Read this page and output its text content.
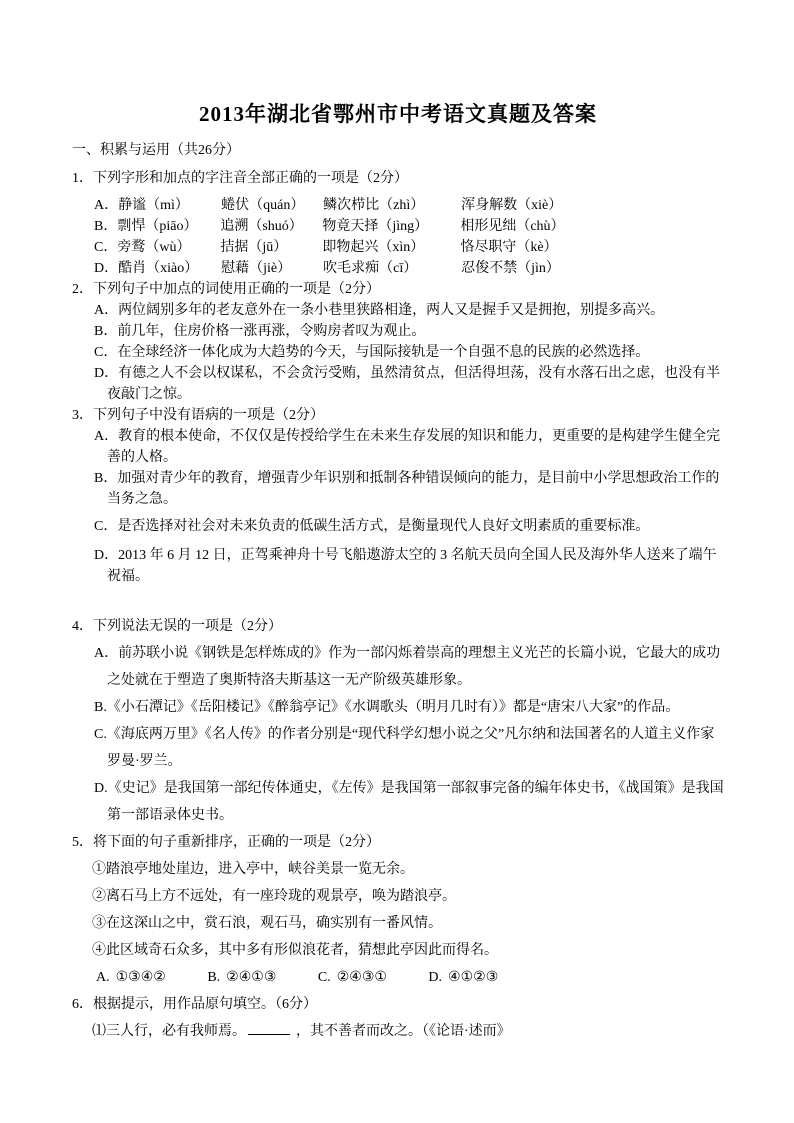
2013年湖北省鄂州市中考语文真题及答案

一、积累与运用（共26分）

1．下列字形和加点的字注音全部正确的一项是（2分）

A．静谧（mì） 蜷伏（quán） 鳞次栉比（zhì）	浑身解数（xiè）

B．剽悍（piāo） 追溯（shuó） 物竟天择（jìng） 相形见绌（chù）

C．旁鹜（wù） 拮据（jū）	即物起兴（xìn）	恪尽职守（kè）

D．酷肖（xiào） 慰藉（jiè） 吹毛求痴（cī）	忍俊不禁（jìn）

2．下列句子中加点的词使用正确的一项是（2分）

A．两位阔别多年的老友意外在一条小巷里狭路相逢，两人又是握手又是拥抱，别提多高兴。

B．前几年，住房价格一涨再涨，令购房者叹为观止。

C．在全球经济一体化成为大趋势的今天，与国际接轨是一个自强不息的民族的必然选择。

D．有德之人不会以权谋私，不会贪污受贿，虽然清贫点，但活得坦荡，没有水落石出之虑，也没有半夜敲门之惊。

3．下列句子中没有语病的一项是（2分）

A．教育的根本使命，不仅仅是传授给学生在未来生存发展的知识和能力，更重要的是构建学生健全完善的人格。

B．加强对青少年的教育，增强青少年识别和抵制各种错误倾向的能力，是目前中小学思想政治工作的当务之急。

C．是否选择对社会对未来负责的低碳生活方式，是衡量现代人良好文明素质的重要标准。

D．2013 年 6 月 12 日，正驾乘神舟十号飞船遨游太空的 3 名航天员向全国人民及海外华人送来了端午祝福。

4．下列说法无误的一项是（2分）

A．前苏联小说《钢铁是怎样炼成的》作为一部闪烁着崇高的理想主义光芒的长篇小说，它最大的成功之处就在于塑造了奥斯特洛夫斯基这一无产阶级英雄形象。

B.《小石潭记》《岳阳楼记》《醉翁亭记》《水调歌头（明月几时有）》都是“唐宋八大家”的作品。

C.《海底两万里》《名人传》的作者分别是“现代科学幻想小说之父”凡尔纳和法国著名的人道主义作家罗曼·罗兰。

D.《史记》是我国第一部纪传体通史，《左传》是我国第一部叙事完备的编年体史书，《战国策》是我国第一部语录体史书。

5．将下面的句子重新排序，正确的一项是（2分）

①踏浪亭地处崖边，进入亭中，峡谷美景一览无余。

②离石马上方不远处，有一座玲珑的观景亭，唤为踏浪亭。

③在这深山之中，赏石浪，观石马，确实别有一番风情。

④此区域奇石众多，其中多有形似浪花者，猜想此亭因此而得名。

A. ①③④②	B. ②④①③	C. ②④③①	D. ④①②③

6．根据提示，用作品原句填空。（6分）

⑴三人行，必有我师焉。	，其不善者而改之。（《论语·述而》
